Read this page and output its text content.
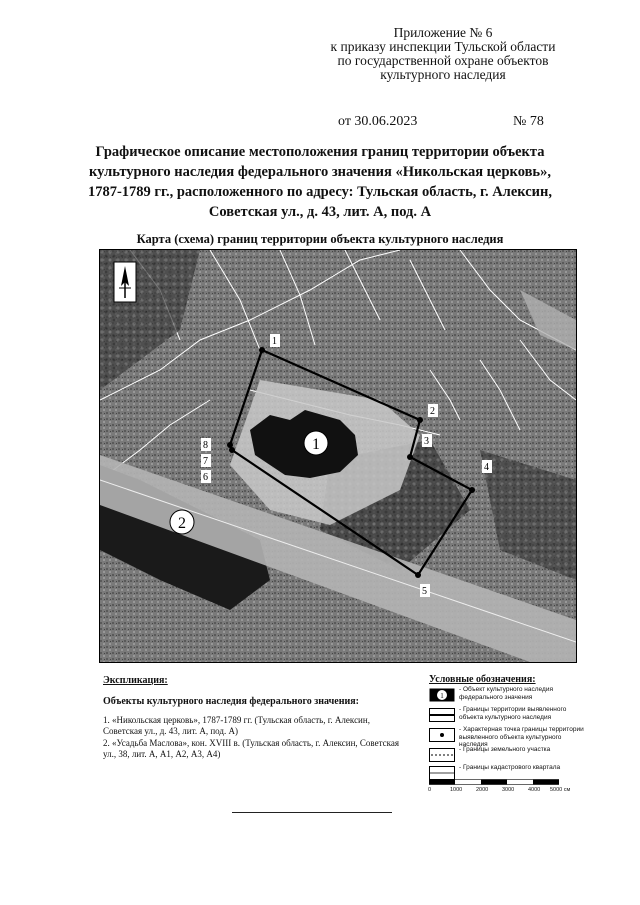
Приложение № 6
к приказу инспекции Тульской области
по государственной охране объектов
культурного наследия
от 30.06.2023	№ 78
Графическое описание местоположения границ территории объекта
культурного наследия федерального значения «Никольская церковь»,
1787-1789 гг., расположенного по адресу: Тульская область, г. Алексин,
Советская ул., д. 43, лит. А, под. А
Карта (схема) границ территории объекта культурного наследия
1
2
1
2
3
4
5
6
7
8
Экспликация:
Объекты культурного наследия федерального значения:
1. «Никольская церковь», 1787-1789 гг. (Тульская область, г. Алексин, Советская ул., д. 43, лит. А, под. А)
2. «Усадьба Маслова», кон. XVIII в. (Тульская область, г. Алексин, Советская ул., 38, лит. А, А1, А2, А3, А4)
Условные обозначения:
1
- Объект культурного наследия федерального значения
- Границы территории выявленного объекта культурного наследия
- Характерная точка границы территории выявленного объекта культурного наследия
- Границы земельного участка
- Границы кадастрового квартала
0	1000	2000	3000	4000 5000 см
